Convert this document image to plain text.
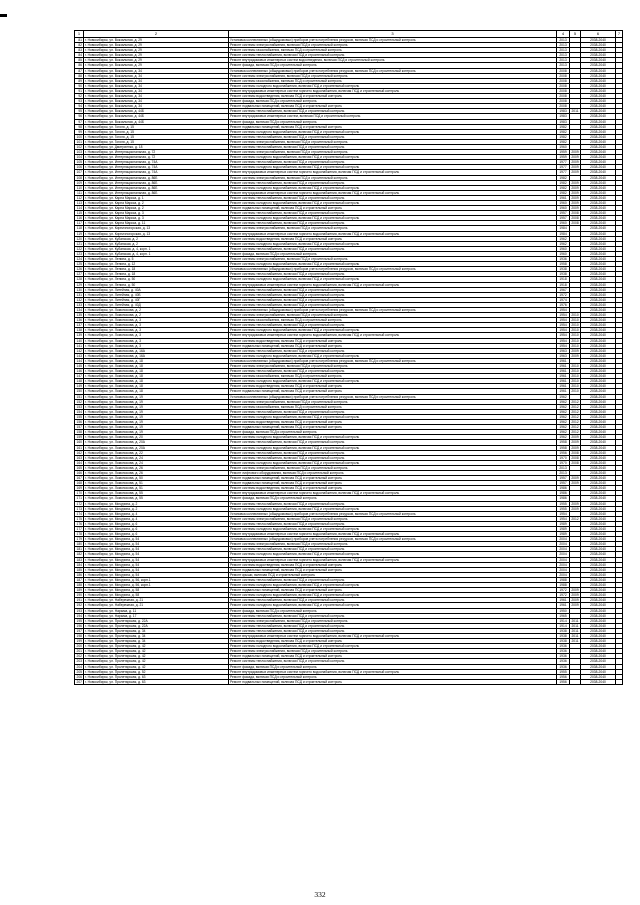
1	2	3	4	5	6	7
81	г. Новосибирск, ул. Вокзальная, д. 29	Установка коллективных (общедомовых) приборов учета потребления ресурсов, включая ПСД и строительный контроль	2013		2038-2040	
82	г. Новосибирск, ул. Вокзальная, д. 29	Ремонт системы электроснабжения, включая ПСД и строительный контроль	2013		2038-2040	
83	г. Новосибирск, ул. Вокзальная, д. 29	Ремонт системы газоснабжения, включая ПСД и строительный контроль	2013		2038-2040	
84	г. Новосибирск, ул. Вокзальная, д. 29	Ремонт системы теплоснабжения, включая ПСД и строительный контроль	2013		2038-2040	
85	г. Новосибирск, ул. Вокзальная, д. 29	Ремонт внутридомовых инженерных систем водоотведения, включая ПСД и строительный контроль	2013		2038-2040	
86	г. Новосибирск, ул. Вокзальная, д. 29	Ремонт фасада, включая ПСД и строительный контроль	2013		2038-2040	
87	г. Новосибирск, ул. Вокзальная, д. 34	Установка коллективных (общедомовых) приборов учета потребления ресурсов, включая ПСД и строительный контроль	2008		2038-2040	
88	г. Новосибирск, ул. Вокзальная, д. 34	Ремонт системы электроснабжения, включая ПСД и строительный контроль	2008		2038-2040	
89	г. Новосибирск, ул. Вокзальная, д. 34	Ремонт системы газоснабжения, включая ПСД и строительный контроль	2008		2038-2040	
90	г. Новосибирск, ул. Вокзальная, д. 34	Ремонт системы холодного водоснабжения, включая ПСД и строительный контроль	2008		2038-2040	
91	г. Новосибирск, ул. Вокзальная, д. 34	Ремонт внутридомовых инженерных систем горячего водоснабжения, включая ПСД и строительный контроль	2008		2038-2040	
92	г. Новосибирск, ул. Вокзальная, д. 34	Ремонт системы водоотведения, включая ПСД и строительный контроль	2008		2038-2040	
93	г. Новосибирск, ул. Вокзальная, д. 34	Ремонт фасада, включая ПСД и строительный контроль	2008		2038-2040	
94	г. Новосибирск, ул. Вокзальная, д. 34	Ремонт подвальных помещений, включая ПСД и строительный контроль	2008		2038-2040	
95	г. Новосибирск, ул. Вокзальная, д. 44Б	Ремонт системы теплоснабжения, включая ПСД и строительный контроль	1983	2011	2038-2040	
96	г. Новосибирск, ул. Вокзальная, д. 44Б	Ремонт внутридомовых инженерных систем, включая ПСД и строительный контроль	1983		2038-2040	
97	г. Новосибирск, ул. Вокзальная, д. 44Б	Ремонт фасада, включая ПСД и строительный контроль	1983		2038-2040	
98	г. Новосибирск, ул. Гоголя, д. 15	Ремонт подвальных помещений, включая ПСД и строительный контроль	1982		2038-2040	
99	г. Новосибирск, ул. Гоголя, д. 15	Ремонт системы холодного водоснабжения, включая ПСД и строительный контроль	1982		2038-2040	
100	г. Новосибирск, ул. Гоголя, д. 15	Ремонт системы теплоснабжения, включая ПСД и строительный контроль	1982		2038-2040	
101	г. Новосибирск, ул. Гоголя, д. 15	Ремонт системы электроснабжения, включая ПСД и строительный контроль	1982		2038-2040	
102	г. Новосибирск, ул. Дмитриенко, д. 18	Ремонт системы теплоснабжения, включая ПСД и строительный контроль	1960		2038-2040	
103	г. Новосибирск, ул. Интернациональная, д. 72	Ремонт системы электроснабжения, включая ПСД и строительный контроль	1959	2009	2038-2040	
104	г. Новосибирск, ул. Интернациональная, д. 72	Ремонт системы холодного водоснабжения, включая ПСД и строительный контроль	1959	2009	2038-2040	
105	г. Новосибирск, ул. Интернациональная, д. 74А	Ремонт системы теплоснабжения, включая ПСД и строительный контроль	1977	2009	2038-2040	
106	г. Новосибирск, ул. Интернациональная, д. 74А	Ремонт системы холодного водоснабжения, включая ПСД и строительный контроль	1977	2009	2038-2040	
107	г. Новосибирск, ул. Интернациональная, д. 74А	Ремонт внутридомовых инженерных систем горячего водоснабжения, включая ПСД и строительный контроль	1977	2009	2038-2040	
108	г. Новосибирск, ул. Интернациональная, д. 86Б	Ремонт системы электроснабжения, включая ПСД и строительный контроль	1982		2038-2040	
109	г. Новосибирск, ул. Интернациональная, д. 86Б	Ремонт системы теплоснабжения, включая ПСД и строительный контроль	1982	2009	2038-2040	
110	г. Новосибирск, ул. Интернациональная, д. 86Б	Ремонт системы холодного водоснабжения, включая ПСД и строительный контроль	1982	2009	2038-2040	
111	г. Новосибирск, ул. Интернациональная, д. 86Б	Ремонт внутридомовых инженерных систем горячего водоснабжения, включая ПСД и строительный контроль	1982	2009	2038-2040	
112	г. Новосибирск, ул. Карла Маркса, д. 1	Ремонт системы теплоснабжения, включая ПСД и строительный контроль	1961	2009	2038-2040	
113	г. Новосибирск, ул. Карла Маркса, д. 2	Ремонт системы холодного водоснабжения, включая ПСД и строительный контроль	1960	2009	2038-2040	
114	г. Новосибирск, ул. Карла Маркса, д. 2	Ремонт подвальных помещений, включая ПСД и строительный контроль	1960	2009	2038-2040	
115	г. Новосибирск, ул. Карла Маркса, д. 3	Ремонт системы теплоснабжения, включая ПСД и строительный контроль	1957	2008	2038-2040	
116	г. Новосибирск, ул. Карла Маркса, д. 3	Ремонт системы холодного водоснабжения, включая ПСД и строительный контроль	1957	2008	2038-2040	
117	г. Новосибирск, ул. Карла Маркса, д. 11	Ремонт системы теплоснабжения, включая ПСД и строительный контроль	1960	2008	2038-2040	
118	г. Новосибирск, ул. Кирпичногорская, д. 13	Ремонт системы электроснабжения, включая ПСД и строительный контроль	1984		2038-2040	
119	г. Новосибирск, ул. Кирпичногорская, д. 13	Ремонт внутридомовых инженерных систем горячего водоснабжения, включая ПСД и строительный контроль	1984		2038-2040	
120	г. Новосибирск, ул. Кубанская, д. 2	Ремонт системы водоотведения, включая ПСД и строительный контроль	1962		2038-2040	
121	г. Новосибирск, ул. Кубанская, д. 2	Ремонт системы холодного водоснабжения, включая ПСД и строительный контроль	1962		2038-2040	
122	г. Новосибирск, ул. Кубанская, д. 4, корп. 1	Ремонт системы теплоснабжения, включая ПСД и строительный контроль	1960		2038-2040	
123	г. Новосибирск, ул. Кубанская, д. 4, корп. 1	Ремонт фасада, включая ПСД и строительный контроль	1960		2038-2040	
124	г. Новосибирск, ул. Ленина, д. 5	Ремонт системы электроснабжения, включая ПСД и строительный контроль	1936		2038-2040	
125	г. Новосибирск, ул. Ленина, д. 12	Ремонт системы холодного водоснабжения, включая ПСД и строительный контроль	1958		2038-2040	
126	г. Новосибирск, ул. Ленина, д. 18	Установка коллективных (общедомовых) приборов учета потребления ресурсов, включая ПСД и строительный контроль	1938		2038-2040	
127	г. Новосибирск, ул. Ленина, д. 18	Ремонт системы теплоснабжения, включая ПСД и строительный контроль	1938		2038-2040	
128	г. Новосибирск, ул. Ленина, д. 50	Ремонт системы холодного водоснабжения, включая ПСД и строительный контроль	1918		2038-2040	
129	г. Новосибирск, ул. Ленина, д. 50	Ремонт внутридомовых инженерных систем горячего водоснабжения, включая ПСД и строительный контроль	1918		2038-2040	
130	г. Новосибирск, ул. Литейная, д. 40А	Ремонт системы теплоснабжения, включая ПСД и строительный контроль	1967		2038-2040	
131	г. Новосибирск, ул. Литейная, д. 40Б	Ремонт системы теплоснабжения, включая ПСД и строительный контроль	1972		2038-2040	
132	г. Новосибирск, ул. Литейная, д. 40Г	Ремонт системы теплоснабжения, включая ПСД и строительный контроль	1974		2038-2040	
133	г. Новосибирск, ул. Литейная, д. 40Д	Ремонт системы теплоснабжения, включая ПСД и строительный контроль	1976		2038-2040	
134	г. Новосибирск, ул. Ломоносова, д. 2	Установка коллективных (общедомовых) приборов учета потребления ресурсов, включая ПСД и строительный контроль	1954		2038-2040	
135	г. Новосибирск, ул. Ломоносова, д. 2	Ремонт системы электроснабжения, включая ПСД и строительный контроль	1954	2010	2038-2040	
136	г. Новосибирск, ул. Ломоносова, д. 3	Ремонт системы газоснабжения, включая ПСД и строительный контроль	1954	2010	2038-2040	
137	г. Новосибирск, ул. Ломоносова, д. 3	Ремонт системы теплоснабжения, включая ПСД и строительный контроль	1954	2010	2038-2040	
138	г. Новосибирск, ул. Ломоносова, д. 3	Ремонт системы холодного водоснабжения, включая ПСД и строительный контроль	1954	2010	2038-2040	
139	г. Новосибирск, ул. Ломоносова, д. 3	Ремонт внутридомовых инженерных систем горячего водоснабжения, включая ПСД и строительный контроль	1954	2010	2038-2040	
140	г. Новосибирск, ул. Ломоносова, д. 3	Ремонт системы водоотведения, включая ПСД и строительный контроль	1954	2010	2038-2040	
141	г. Новосибирск, ул. Ломоносова, д. 3	Ремонт подвальных помещений, включая ПСД и строительный контроль	1954	2010	2038-2040	
142	г. Новосибирск, ул. Ломоносова, д. 16А	Ремонт системы теплоснабжения, включая ПСД и строительный контроль	1963	2009	2038-2040	
143	г. Новосибирск, ул. Ломоносова, д. 16А	Ремонт системы холодного водоснабжения, включая ПСД и строительный контроль	1963	2009	2038-2040	
144	г. Новосибирск, ул. Ломоносова, д. 18	Установка коллективных (общедомовых) приборов учета потребления ресурсов, включая ПСД и строительный контроль	1961		2038-2040	
145	г. Новосибирск, ул. Ломоносова, д. 18	Ремонт системы электроснабжения, включая ПСД и строительный контроль	1961	2010	2038-2040	
146	г. Новосибирск, ул. Ломоносова, д. 18	Ремонт системы теплоснабжения, включая ПСД и строительный контроль	1961	2010	2038-2040	
147	г. Новосибирск, ул. Ломоносова, д. 18	Ремонт системы газоснабжения, включая ПСД и строительный контроль	1961	2010	2038-2040	
148	г. Новосибирск, ул. Ломоносова, д. 18	Ремонт системы холодного водоснабжения, включая ПСД и строительный контроль	1961	2010	2038-2040	
149	г. Новосибирск, ул. Ломоносова, д. 18	Ремонт системы водоотведения, включая ПСД и строительный контроль	1961	2010	2038-2040	
150	г. Новосибирск, ул. Ломоносова, д. 18	Ремонт подвальных помещений, включая ПСД и строительный контроль	1961	2010	2038-2040	
151	г. Новосибирск, ул. Ломоносова, д. 19	Установка коллективных (общедомовых) приборов учета потребления ресурсов, включая ПСД и строительный контроль	1962		2038-2040	
152	г. Новосибирск, ул. Ломоносова, д. 19	Ремонт системы электроснабжения, включая ПСД и строительный контроль	1962	2012	2038-2040	
153	г. Новосибирск, ул. Ломоносова, д. 19	Ремонт системы газоснабжения, включая ПСД и строительный контроль	1962	2012	2038-2040	
154	г. Новосибирск, ул. Ломоносова, д. 19	Ремонт системы теплоснабжения, включая ПСД и строительный контроль	1962	2012	2038-2040	
155	г. Новосибирск, ул. Ломоносова, д. 19	Ремонт системы холодного водоснабжения, включая ПСД и строительный контроль	1962	2012	2038-2040	
156	г. Новосибирск, ул. Ломоносова, д. 19	Ремонт системы водоотведения, включая ПСД и строительный контроль	1962	2012	2038-2040	
157	г. Новосибирск, ул. Ломоносова, д. 19	Ремонт подвальных помещений, включая ПСД и строительный контроль	1962	2012	2038-2040	
158	г. Новосибирск, ул. Ломоносова, д. 19	Ремонт фасада, включая ПСД и строительный контроль	1962	2012	2038-2040	
159	г. Новосибирск, ул. Ломоносова, д. 20	Ремонт системы холодного водоснабжения, включая ПСД и строительный контроль	1962	2009	2038-2040	
160	г. Новосибирск, ул. Ломоносова, д. 20А	Ремонт системы теплоснабжения, включая ПСД и строительный контроль	1958	2009	2038-2040	
161	г. Новосибирск, ул. Ломоносова, д. 20А	Ремонт системы холодного водоснабжения, включая ПСД и строительный контроль	1958	2009	2038-2040	
162	г. Новосибирск, ул. Ломоносова, д. 22	Ремонт системы теплоснабжения, включая ПСД и строительный контроль	1956	2008	2038-2040	
163	г. Новосибирск, ул. Ломоносова, д. 24	Ремонт системы теплоснабжения, включая ПСД и строительный контроль	1970	2008	2038-2040	
164	г. Новосибирск, ул. Ломоносова, д. 24	Ремонт системы холодного водоснабжения, включая ПСД и строительный контроль	1970	2008	2038-2040	
165	г. Новосибирск, ул. Ломоносова, д. 26	Ремонт системы электроснабжения, включая ПСД и строительный контроль	2013		2038-2040	
166	г. Новосибирск, ул. Ломоносова, д. 26	Ремонт лифтового оборудования, включая ПСД и строительный контроль	2013		2038-2040	
167	г. Новосибирск, ул. Ломоносова, д. 50	Ремонт подвальных помещений, включая ПСД и строительный контроль	1957	2009	2038-2040	
168	г. Новосибирск, ул. Ломоносова, д. 51	Ремонт подвальных помещений, включая ПСД и строительный контроль	1957	2009	2038-2040	
169	г. Новосибирск, ул. Ломоносова, д. 51	Ремонт системы водоотведения, включая ПСД и строительный контроль	1986		2038-2040	
170	г. Новосибирск, ул. Ломоносова, д. 55	Ремонт внутридомовых инженерных систем горячего водоснабжения, включая ПСД и строительный контроль	1986		2038-2040	
171	г. Новосибирск, ул. Ломоносова, д. 55	Ремонт фасада, включая ПСД и строительный контроль	1986		2038-2040	
172	г. Новосибирск, ул. Мичурина, д. 2	Ремонт системы теплоснабжения, включая ПСД и строительный контроль	1955	2009	2038-2040	
173	г. Новосибирск, ул. Мичурина, д. 2	Ремонт системы холодного водоснабжения, включая ПСД и строительный контроль	1955	2009	2038-2040	
174	г. Новосибирск, ул. Мичурина, д. 4	Установка коллективных (общедомовых) приборов учета потребления ресурсов, включая ПСД и строительный контроль	1954		2038-2040	
175	г. Новосибирск, ул. Мичурина, д. 4	Ремонт системы электроснабжения, включая ПСД и строительный контроль	1954	2012	2038-2040	
176	г. Новосибирск, ул. Мичурина, д. 6	Ремонт системы теплоснабжения, включая ПСД и строительный контроль	1989		2038-2040	
177	г. Новосибирск, ул. Мичурина, д. 6	Ремонт системы холодного водоснабжения, включая ПСД и строительный контроль	1989		2038-2040	
178	г. Новосибирск, ул. Мичурина, д. 6	Ремонт внутридомовых инженерных систем горячего водоснабжения, включая ПСД и строительный контроль	1989		2038-2040	
179	г. Новосибирск, ул. Мичурина, д. 54	Установка коллективных (общедомовых) приборов учета потребления ресурсов, включая ПСД и строительный контроль	2004		2038-2040	
180	г. Новосибирск, ул. Мичурина, д. 54	Ремонт системы электроснабжения, включая ПСД и строительный контроль	2004		2038-2040	
181	г. Новосибирск, ул. Мичурина, д. 54	Ремонт системы теплоснабжения, включая ПСД и строительный контроль	2004		2038-2040	
182	г. Новосибирск, ул. Мичурина, д. 54	Ремонт системы холодного водоснабжения, включая ПСД и строительный контроль	2004		2038-2040	
183	г. Новосибирск, ул. Мичурина, д. 54	Ремонт внутридомовых инженерных систем горячего водоснабжения, включая ПСД и строительный контроль	2004		2038-2040	
184	г. Новосибирск, ул. Мичурина, д. 54	Ремонт системы водоотведения, включая ПСД и строительный контроль	2004		2038-2040	
185	г. Новосибирск, ул. Мичурина, д. 54	Ремонт подвальных помещений, включая ПСД и строительный контроль	2004		2038-2040	
186	г. Новосибирск, ул. Мичурина, д. 54	Ремонт крыши, включая ПСД и строительный контроль	2004		2038-2040	
187	г. Новосибирск, ул. Мичурина, д. 56, корп.1	Ремонт системы теплоснабжения, включая ПСД и строительный контроль	1988		2038-2040	
188	г. Новосибирск, ул. Мичурина, д. 56, корп.1	Ремонт системы холодного водоснабжения, включая ПСД и строительный контроль	1988		2038-2040	
189	г. Новосибирск, ул. Мичурина, д. 58	Ремонт подвальных помещений, включая ПСД и строительный контроль	1972	2009	2038-2040	
190	г. Новосибирск, ул. Мичурина, д. 58	Ремонт системы холодного водоснабжения, включая ПСД и строительный контроль	1972	2009	2038-2040	
191	г. Новосибирск, ул. Набережная, д. 21	Ремонт системы теплоснабжения, включая ПСД и строительный контроль	1961	2009	2038-2040	
192	г. Новосибирск, ул. Набережная, д. 21	Ремонт системы холодного водоснабжения, включая ПСД и строительный контроль	1961	2009	2038-2040	
193	г. Новосибирск, ул. Нарыма, д. 11	Ремонт фасада, включая ПСД и строительный контроль	1950		2038-2040	
194	г. Новосибирск, ул. Нарыма, д. 17	Ремонт системы теплоснабжения, включая ПСД и строительный контроль	1965		2038-2040	
195	г. Новосибирск, ул. Пролетарская, д. 22А	Ремонт системы электроснабжения, включая ПСД и строительный контроль	1914	2011	2038-2040	
196	г. Новосибирск, ул. Пролетарская, д. 22А	Ремонт системы теплоснабжения, включая ПСД и строительный контроль	1914	2011	2038-2040	
197	г. Новосибирск, ул. Пролетарская, д. 34	Ремонт системы теплоснабжения, включая ПСД и строительный контроль	1938	2011	2038-2040	
198	г. Новосибирск, ул. Пролетарская, д. 34	Ремонт внутридомовых инженерных систем горячего водоснабжения, включая ПСД и строительный контроль	1938	2011	2038-2040	
199	г. Новосибирск, ул. Пролетарская, д. 34	Ремонт системы водоотведения, включая ПСД и строительный контроль	1938	2011	2038-2040	
200	г. Новосибирск, ул. Пролетарская, д. 42	Ремонт системы холодного водоснабжения, включая ПСД и строительный контроль	1936		2038-2040	
201	г. Новосибирск, ул. Пролетарская, д. 42	Ремонт системы электроснабжения, включая ПСД и строительный контроль	1936		2038-2040	
202	г. Новосибирск, ул. Пролетарская, д. 42	Ремонт подвальных помещений, включая ПСД и строительный контроль	1936		2038-2040	
203	г. Новосибирск, ул. Пролетарская, д. 42	Ремонт системы теплоснабжения, включая ПСД и строительный контроль	1936		2038-2040	
204	г. Новосибирск, ул. Пролетарская, д. 42	Ремонт фасада, включая ПСД и строительный контроль	1936		2038-2040	
205	г. Новосибирск, ул. Пролетарская, д. 52	Ремонт внутридомовых инженерных систем горячего водоснабжения, включая ПСД и строительный контроль	1955		2038-2040	
206	г. Новосибирск, ул. Пролетарская, д. 63	Ремонт фасада, включая ПСД и строительный контроль	1956		2038-2040	
207	г. Новосибирск, ул. Пролетарская, д. 63	Ремонт подвальных помещений, включая ПСД и строительный контроль	1956		2038-2040	
332
